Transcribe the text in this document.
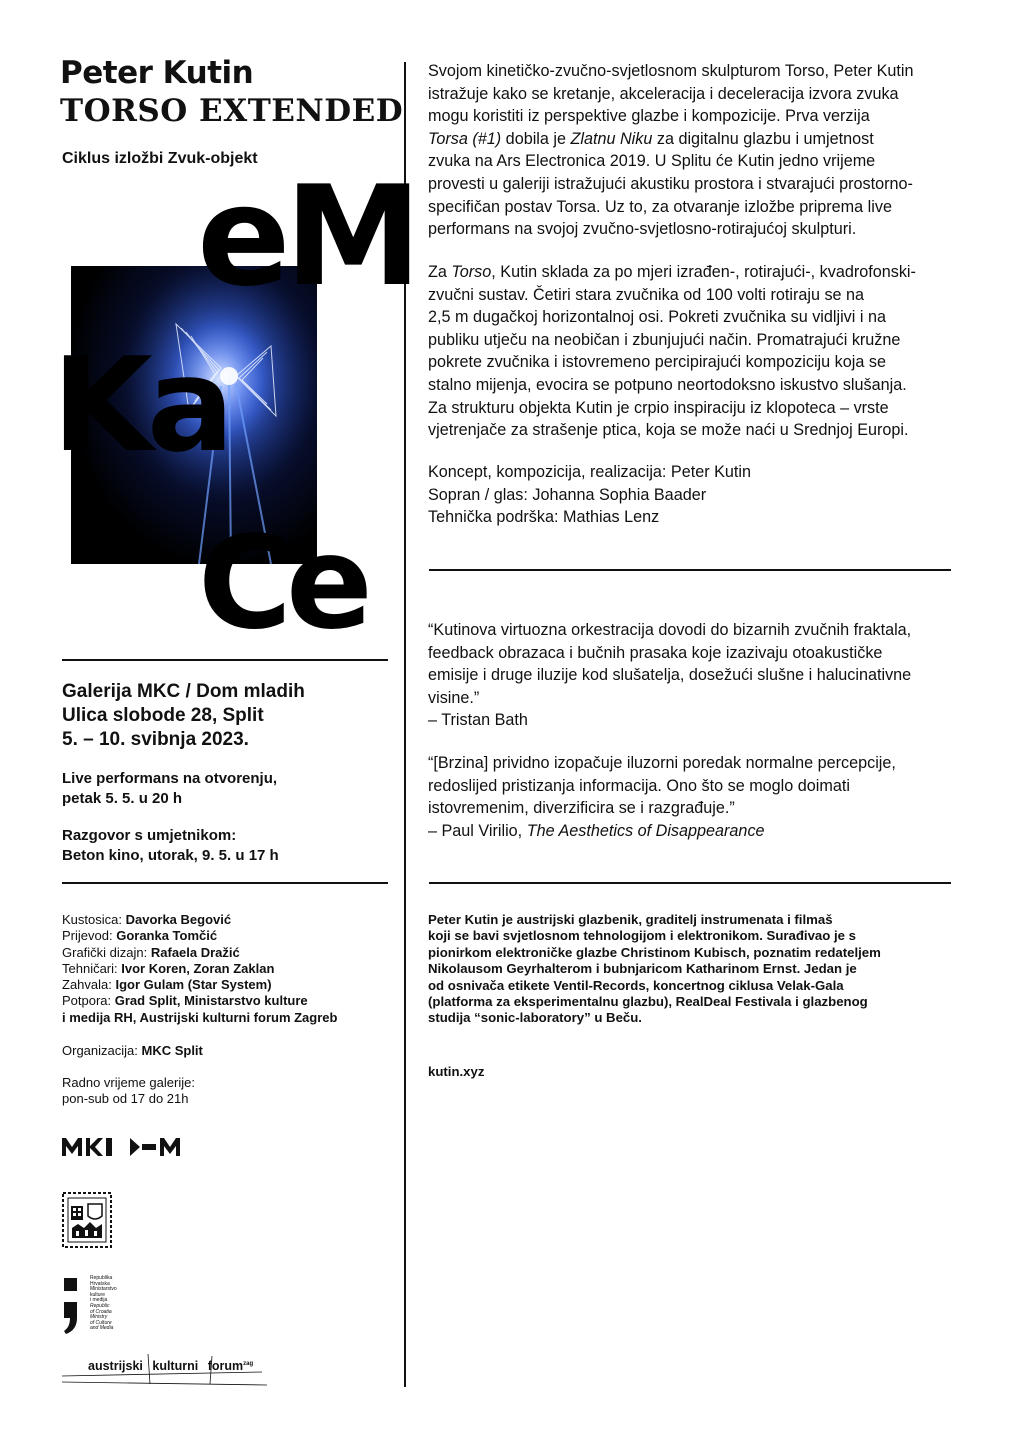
Peter Kutin
TORSO EXTENDED
Ciklus izložbi Zvuk-objekt
eM
Ka
Ce
Galerija MKC / Dom mladih
Ulica slobode 28, Split
5. – 10. svibnja 2023.
Live performans na otvorenju,
petak 5. 5. u 20 h
Razgovor s umjetnikom:
Beton kino, utorak, 9. 5. u 17 h
Kustosica: Davorka Begović
Prijevod: Goranka Tomčić
Grafički dizajn: Rafaela Dražić
Tehničari: Ivor Koren, Zoran Zaklan
Zahvala: Igor Gulam (Star System)
Potpora: Grad Split, Ministarstvo kulture
i medija RH, Austrijski kulturni forum Zagreb
Organizacija: MKC Split
Radno vrijeme galerije:
pon-sub od 17 do 21h
Republika
Hrvatska
Ministarstvo
kulture
i medija
Republic
of Croatia
Ministry
of Culture
and Media
austrijski kulturni forum$^{zag}$
Svojom kinetičko-zvučno-svjetlosnom skulpturom Torso, Peter Kutin
istražuje kako se kretanje, akceleracija i deceleracija izvora zvuka
mogu koristiti iz perspektive glazbe i kompozicije. Prva verzija
Torsa (#1) dobila je Zlatnu Niku za digitalnu glazbu i umjetnost
zvuka na Ars Electronica 2019. U Splitu će Kutin jedno vrijeme
provesti u galeriji istražujući akustiku prostora i stvarajući prostorno-
specifičan postav Torsa. Uz to, za otvaranje izložbe priprema live
performans na svojoj zvučno-svjetlosno-rotirajućoj skulpturi.
Za Torso, Kutin sklada za po mjeri izrađen-, rotirajući-, kvadrofonski-
zvučni sustav. Četiri stara zvučnika od 100 volti rotiraju se na
2,5 m dugačkoj horizontalnoj osi. Pokreti zvučnika su vidljivi i na
publiku utječu na neobičan i zbunjujući način. Promatrajući kružne
pokrete zvučnika i istovremeno percipirajući kompoziciju koja se
stalno mijenja, evocira se potpuno neortodoksno iskustvo slušanja.
Za strukturu objekta Kutin je crpio inspiraciju iz klopoteca – vrste
vjetrenjače za strašenje ptica, koja se može naći u Srednjoj Europi.
Koncept, kompozicija, realizacija: Peter Kutin
Sopran / glas: Johanna Sophia Baader
Tehnička podrška: Mathias Lenz
“Kutinova virtuozna orkestracija dovodi do bizarnih zvučnih fraktala,
feedback obrazaca i bučnih prasaka koje izazivaju otoakustičke
emisije i druge iluzije kod slušatelja, dosežući slušne i halucinativne
visine.”
– Tristan Bath
“[Brzina] prividno izopačuje iluzorni poredak normalne percepcije,
redoslijed pristizanja informacija. Ono što se moglo doimati
istovremenim, diverzificira se i razgrađuje.”
– Paul Virilio, The Aesthetics of Disappearance
Peter Kutin je austrijski glazbenik, graditelj instrumenata i filmaš
koji se bavi svjetlosnom tehnologijom i elektronikom. Surađivao je s
pionirkom elektroničke glazbe Christinom Kubisch, poznatim redateljem
Nikolausom Geyrhalterom i bubnjaricom Katharinom Ernst. Jedan je
od osnivača etikete Ventil-Records, koncertnog ciklusa Velak-Gala
(platforma za eksperimentalnu glazbu), RealDeal Festivala i glazbenog
studija “sonic-laboratory” u Beču.
kutin.xyz
